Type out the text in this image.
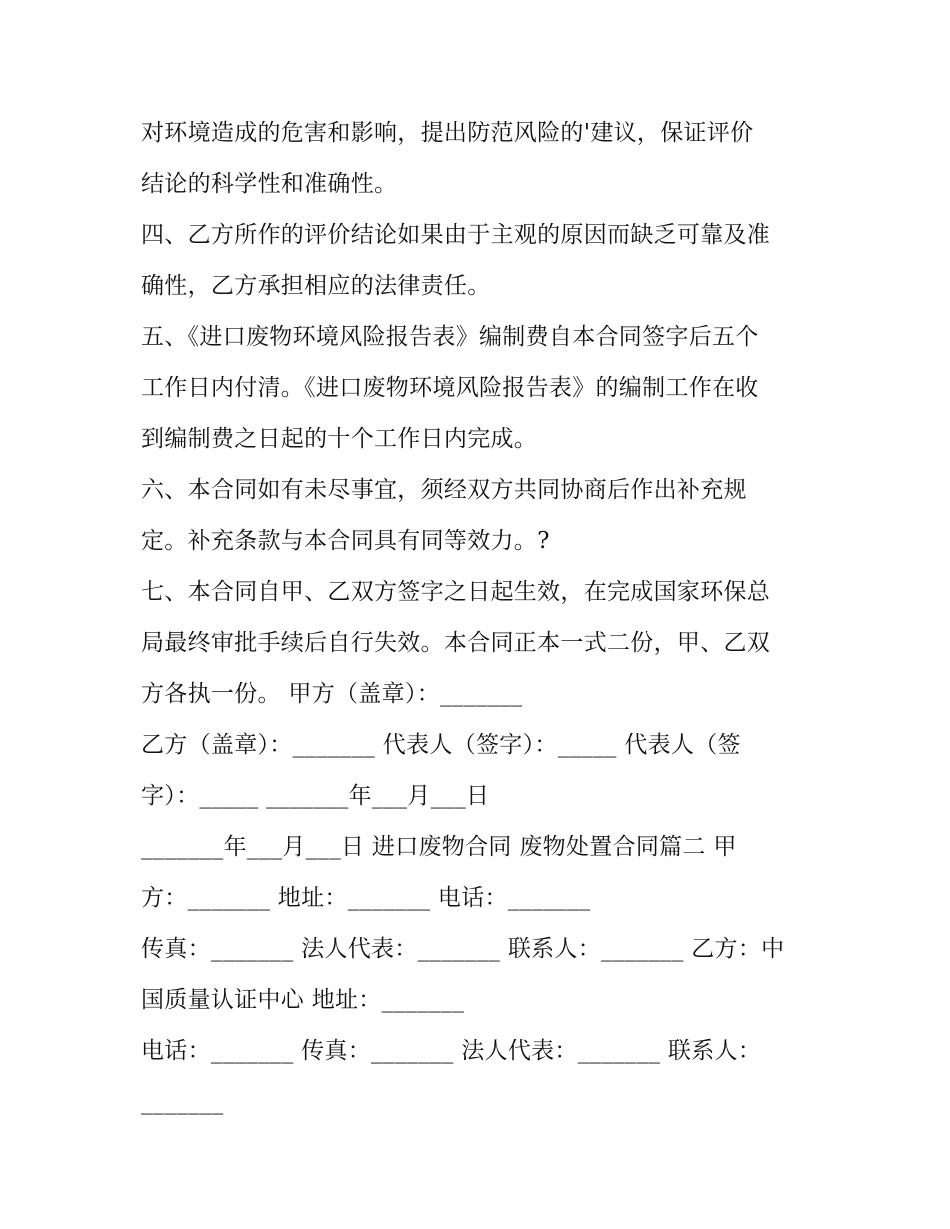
对环境造成的危害和影响，提出防范风险的'建议，保证评价
结论的科学性和准确性。
四、乙方所作的评价结论如果由于主观的原因而缺乏可靠及准
确性，乙方承担相应的法律责任。
五、《进口废物环境风险报告表》编制费自本合同签字后五个
工作日内付清。《进口废物环境风险报告表》的编制工作在收
到编制费之日起的十个工作日内完成。
六、本合同如有未尽事宜，须经双方共同协商后作出补充规
定。补充条款与本合同具有同等效力。?
七、本合同自甲、乙双方签字之日起生效，在完成国家环保总
局最终审批手续后自行失效。本合同正本一式二份，甲、乙双
方各执一份。 甲方（盖章）：_______
乙方（盖章）：_______ 代表人（签字）：_____ 代表人（签
字）：_____ _______年___月___日
_______年___月___日 进口废物合同 废物处置合同篇二 甲
方：_______ 地址：_______ 电话：_______
传真：_______ 法人代表：_______ 联系人：_______ 乙方：中
国质量认证中心 地址：_______
电话：_______ 传真：_______ 法人代表：_______ 联系人：
_______
